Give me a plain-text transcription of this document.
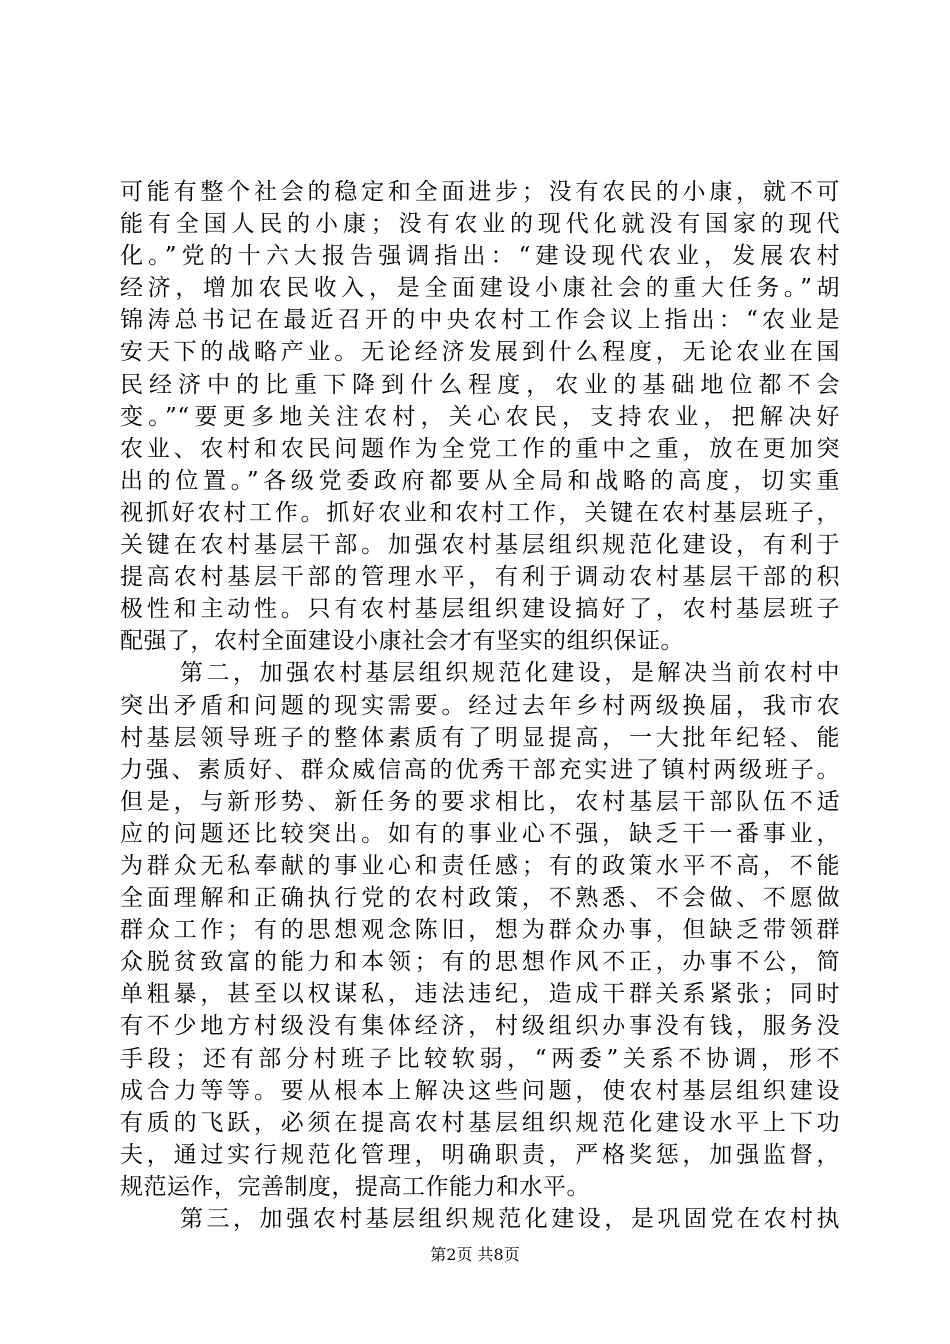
可能有整个社会的稳定和全面进步；没有农民的小康，就不可
能有全国人民的小康；没有农业的现代化就没有国家的现代
化。”党的十六大报告强调指出：“建设现代农业，发展农村
经济，增加农民收入，是全面建设小康社会的重大任务。”胡
锦涛总书记在最近召开的中央农村工作会议上指出：“农业是
安天下的战略产业。无论经济发展到什么程度，无论农业在国
民经济中的比重下降到什么程度，农业的基础地位都不会
变。”“要更多地关注农村，关心农民，支持农业，把解决好
农业、农村和农民问题作为全党工作的重中之重，放在更加突
出的位置。”各级党委政府都要从全局和战略的高度，切实重
视抓好农村工作。抓好农业和农村工作，关键在农村基层班子，
关键在农村基层干部。加强农村基层组织规范化建设，有利于
提高农村基层干部的管理水平，有利于调动农村基层干部的积
极性和主动性。只有农村基层组织建设搞好了，农村基层班子
配强了，农村全面建设小康社会才有坚实的组织保证。
第二，加强农村基层组织规范化建设，是解决当前农村中
突出矛盾和问题的现实需要。经过去年乡村两级换届，我市农
村基层领导班子的整体素质有了明显提高，一大批年纪轻、能
力强、素质好、群众威信高的优秀干部充实进了镇村两级班子。
但是，与新形势、新任务的要求相比，农村基层干部队伍不适
应的问题还比较突出。如有的事业心不强，缺乏干一番事业，
为群众无私奉献的事业心和责任感；有的政策水平不高，不能
全面理解和正确执行党的农村政策，不熟悉、不会做、不愿做
群众工作；有的思想观念陈旧，想为群众办事，但缺乏带领群
众脱贫致富的能力和本领；有的思想作风不正，办事不公，简
单粗暴，甚至以权谋私，违法违纪，造成干群关系紧张；同时
有不少地方村级没有集体经济，村级组织办事没有钱，服务没
手段；还有部分村班子比较软弱，“两委”关系不协调，形不
成合力等等。要从根本上解决这些问题，使农村基层组织建设
有质的飞跃，必须在提高农村基层组织规范化建设水平上下功
夫，通过实行规范化管理，明确职责，严格奖惩，加强监督，
规范运作，完善制度，提高工作能力和水平。
第三，加强农村基层组织规范化建设，是巩固党在农村执
第2页 共8页
